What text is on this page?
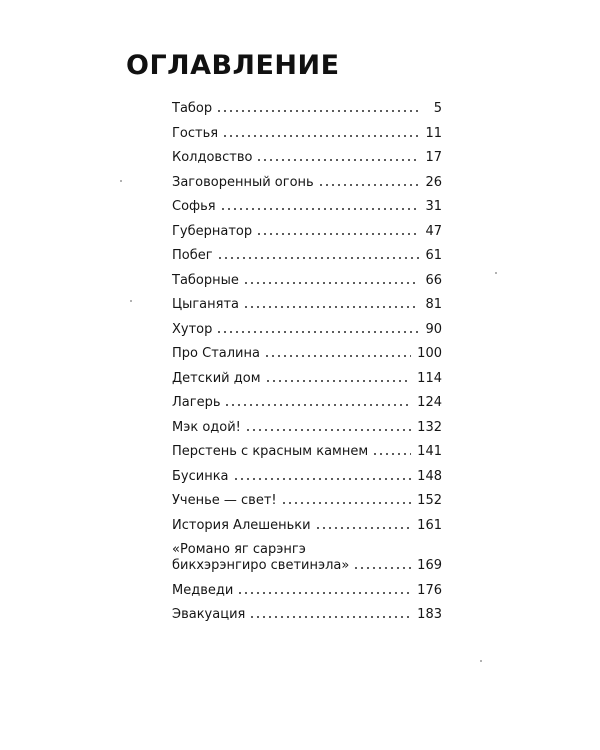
ОГЛАВЛЕНИЕ
Табор	5
Гостья	11
Колдовство	17
Заговоренный огонь	26
Софья	31
Губернатор	47
Побег	61
Таборные	66
Цыганята	81
Хутор	90
Про Сталина	100
Детский дом	114
Лагерь	124
Мэк одой!	132
Перстень с красным камнем	141
Бусинка	148
Ученье — свет!	152
История Алешеньки	161
«Романо яг сарэнгэ
бикхэрэнгиро светинэла»	169
Медведи	176
Эвакуация	183
